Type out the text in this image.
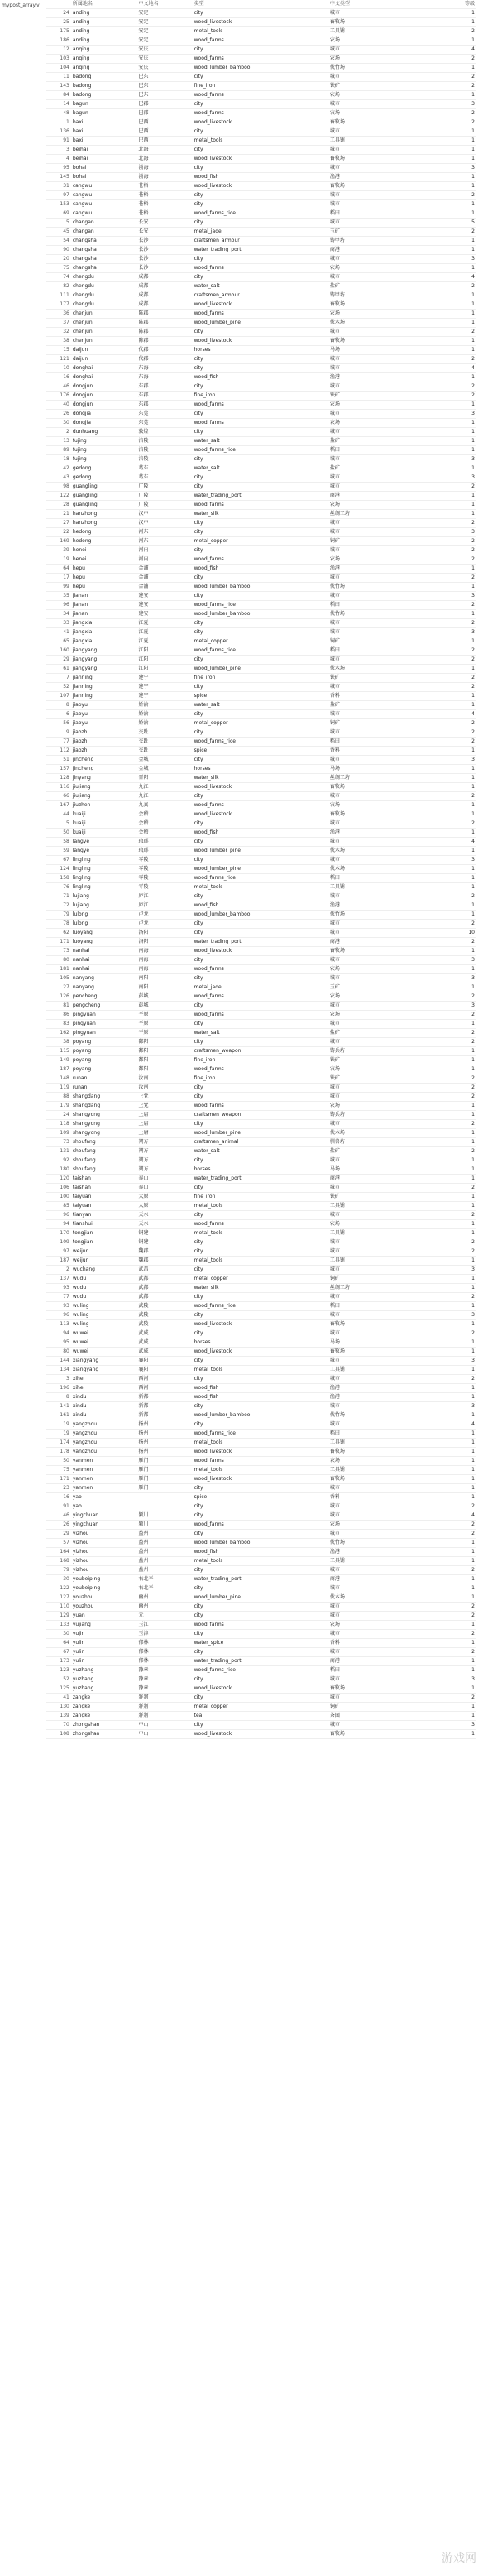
mypost_array.v
		所属地名	中文地名	类型	中文类型	等级
24	anding	安定	city	城市	1
25	anding	安定	wood_livestock	畜牧场	1
175	anding	安定	metal_tools	工具铺	2
186	anding	安定	wood_farms	农场	1
12	anqing	安庆	city	城市	4
103	anqing	安庆	wood_farms	农场	2
104	anqing	安庆	wood_lumber_bamboo	伐竹场	1
11	badong	巴东	city	城市	2
143	badong	巴东	fine_iron	铁矿	2
84	badong	巴东	wood_farms	农场	1
14	bagun	巴郡	city	城市	3
48	bagun	巴郡	wood_farms	农场	2
1	baxi	巴西	wood_livestock	畜牧场	2
136	baxi	巴西	city	城市	1
91	baxi	巴西	metal_tools	工具铺	1
3	beihai	北海	city	城市	1
4	beihai	北海	wood_livestock	畜牧场	1
95	bohai	渤海	city	城市	3
145	bohai	渤海	wood_fish	渔港	1
31	cangwu	苍梧	wood_livestock	畜牧场	1
97	cangwu	苍梧	city	城市	2
153	cangwu	苍梧	city	城市	1
69	cangwu	苍梧	wood_farms_rice	稻田	1
5	changan	长安	city	城市	5
45	changan	长安	metal_jade	玉矿	2
54	changsha	长沙	craftsmen_armour	铸甲坊	1
90	changsha	长沙	water_trading_port	商港	1
20	changsha	长沙	city	城市	3
75	changsha	长沙	wood_farms	农场	1
74	chengdu	成都	city	城市	4
82	chengdu	成都	water_salt	盐矿	2
111	chengdu	成都	craftsmen_armour	铸甲坊	1
177	chengdu	成都	wood_livestock	畜牧场	1
36	chenjun	陈郡	wood_farms	农场	1
37	chenjun	陈郡	wood_lumber_pine	伐木场	1
32	chenjun	陈郡	city	城市	2
38	chenjun	陈郡	wood_livestock	畜牧场	1
15	daijun	代郡	horses	马场	1
121	daijun	代郡	city	城市	2
10	donghai	东海	city	城市	4
16	donghai	东海	wood_fish	渔港	1
46	dongjun	东郡	city	城市	2
176	dongjun	东郡	fine_iron	铁矿	2
40	dongjun	东郡	wood_farms	农场	1
26	dongjia	东莞	city	城市	3
30	dongjia	东莞	wood_farms	农场	1
2	dunhuang	敦煌	city	城市	1
13	fujing	涪陵	water_salt	盐矿	1
89	fujing	涪陵	wood_farms_rice	稻田	1
18	fujing	涪陵	city	城市	3
42	gedong	葛东	water_salt	盐矿	1
43	gedong	葛东	city	城市	3
98	guangling	广陵	city	城市	2
122	guangling	广陵	water_trading_port	商港	1
28	guangling	广陵	wood_farms	农场	1
21	hanzhong	汉中	water_silk	丝绸工坊	1
27	hanzhong	汉中	city	城市	2
22	hedong	河东	city	城市	3
169	hedong	河东	metal_copper	铜矿	2
39	henei	河内	city	城市	2
19	henei	河内	wood_farms	农场	2
64	hepu	合浦	wood_fish	渔港	1
17	hepu	合浦	city	城市	2
99	hepu	合浦	wood_lumber_bamboo	伐竹场	1
35	jianan	建安	city	城市	3
96	jianan	建安	wood_farms_rice	稻田	2
34	jianan	建安	wood_lumber_bamboo	伐竹场	1
33	jiangxia	江夏	city	城市	2
41	jiangxia	江夏	city	城市	3
65	jiangxia	江夏	metal_copper	铜矿	1
160	jiangyang	江阳	wood_farms_rice	稻田	2
29	jiangyang	江阳	city	城市	2
61	jiangyang	江阳	wood_lumber_pine	伐木场	1
7	jianning	建宁	fine_iron	铁矿	2
52	jianning	建宁	city	城市	2
107	jianning	建宁	spice	香料	1
8	jiaoyu	娇渝	water_salt	盐矿	1
6	jiaoyu	娇渝	city	城市	4
56	jiaoyu	娇渝	metal_copper	铜矿	2
9	jiaozhi	交趾	city	城市	2
77	jiaozhi	交趾	wood_farms_rice	稻田	2
112	jiaozhi	交趾	spice	香料	1
51	jincheng	金城	city	城市	3
157	jincheng	金城	horses	马场	1
128	jinyang	晋阳	water_silk	丝绸工坊	1
116	jiujiang	九江	wood_livestock	畜牧场	1
66	jiujiang	九江	city	城市	2
167	jiuzhen	九真	wood_farms	农场	1
44	kuaiji	会稽	wood_livestock	畜牧场	1
5	kuaiji	会稽	city	城市	2
50	kuaiji	会稽	wood_fish	渔港	1
58	langye	琅琊	city	城市	4
59	langye	琅琊	wood_lumber_pine	伐木场	1
67	lingling	零陵	city	城市	3
124	lingling	零陵	wood_lumber_pine	伐木场	1
158	lingling	零陵	wood_farms_rice	稻田	1
76	lingling	零陵	metal_tools	工具铺	1
71	lujiang	庐江	city	城市	2
72	lujiang	庐江	wood_fish	渔港	1
79	lulong	卢龙	wood_lumber_bamboo	伐竹场	1
78	lulong	卢龙	city	城市	2
62	luoyang	洛阳	city	城市	10
171	luoyang	洛阳	water_trading_port	商港	2
73	nanhai	南海	wood_livestock	畜牧场	1
80	nanhai	南海	city	城市	3
181	nanhai	南海	wood_farms	农场	1
105	nanyang	南阳	city	城市	3
27	nanyang	南阳	metal_jade	玉矿	1
126	pencheng	彭城	wood_farms	农场	2
81	pengcheng	彭城	city	城市	3
86	pingyuan	平原	wood_farms	农场	2
83	pingyuan	平原	city	城市	1
162	pingyuan	平原	water_salt	盐矿	2
38	poyang	鄱阳	city	城市	2
115	poyang	鄱阳	craftsmen_weapon	铸兵坊	1
149	poyang	鄱阳	fine_iron	铁矿	1
187	poyang	鄱阳	wood_farms	农场	1
148	runan	汝南	fine_iron	铁矿	2
119	runan	汝南	city	城市	2
88	shangdang	上党	city	城市	2
179	shangdang	上党	wood_farms	农场	1
24	shangyong	上庸	craftsmen_weapon	铸兵坊	1
118	shangyong	上庸	city	城市	2
109	shangyong	上庸	wood_lumber_pine	伐木场	1
73	shoufang	朔方	craftsmen_animal	驯兽坊	1
131	shoufang	朔方	water_salt	盐矿	2
92	shoufang	朔方	city	城市	1
180	shoufang	朔方	horses	马场	1
120	taishan	泰山	water_trading_port	商港	1
106	taishan	泰山	city	城市	2
100	taiyuan	太原	fine_iron	铁矿	1
85	taiyuan	太原	metal_tools	工具铺	1
96	tianyan	天水	city	城市	2
94	tianshui	天水	wood_farms	农场	1
170	tongjian	铜建	metal_tools	工具铺	1
109	tongjian	铜建	city	城市	2
97	weijun	魏郡	city	城市	2
187	weijun	魏郡	metal_tools	工具铺	1
2	wuchang	武昌	city	城市	3
137	wudu	武都	metal_copper	铜矿	1
93	wudu	武都	water_silk	丝绸工坊	1
77	wudu	武都	city	城市	2
93	wuling	武陵	wood_farms_rice	稻田	1
96	wuling	武陵	city	城市	3
113	wuling	武陵	wood_livestock	畜牧场	1
94	wuwei	武威	city	城市	2
95	wuwei	武威	horses	马场	1
80	wuwei	武威	wood_livestock	畜牧场	1
144	xiangyang	襄阳	city	城市	3
134	xiangyang	襄阳	metal_tools	工具铺	1
3	xihe	西河	city	城市	2
196	xihe	西河	wood_fish	渔港	1
8	xindu	新都	wood_fish	渔港	1
141	xindu	新都	city	城市	3
161	xindu	新都	wood_lumber_bamboo	伐竹场	1
19	yangzhou	扬州	city	城市	4
19	yangzhou	扬州	wood_farms_rice	稻田	1
174	yangzhou	扬州	metal_tools	工具铺	1
178	yangzhou	扬州	wood_livestock	畜牧场	1
50	yanmen	雁门	wood_farms	农场	1
75	yanmen	雁门	metal_tools	工具铺	1
171	yanmen	雁门	wood_livestock	畜牧场	1
23	yanmen	雁门	city	城市	1
16	yao		spice	香料	1
91	yao		city	城市	2
46	yingchuan	颍川	city	城市	4
26	yingchuan	颍川	wood_farms	农场	2
29	yizhou	益州	city	城市	2
57	yizhou	益州	wood_lumber_bamboo	伐竹场	1
164	yizhou	益州	wood_fish	渔港	1
168	yizhou	益州	metal_tools	工具铺	1
79	yizhou	益州	city	城市	2
30	youbeiping	右北平	water_trading_port	商港	1
122	youbeiping	右北平	city	城市	1
127	youzhou	幽州	wood_lumber_pine	伐木场	1
110	youzhou	幽州	city	城市	2
129	yuan	元	city	城市	2
133	yujiang	玉江	wood_farms	农场	1
30	yujin	玉津	city	城市	2
64	yulin	郁林	water_spice	香料	1
67	yulin	郁林	city	城市	2
173	yulin	郁林	water_trading_port	商港	1
123	yuzhang	豫章	wood_farms_rice	稻田	1
52	yuzhang	豫章	city	城市	3
125	yuzhang	豫章	wood_livestock	畜牧场	1
41	zangke	牂牁	city	城市	2
130	zangke	牂牁	metal_copper	铜矿	1
139	zangke	牂牁	tea	茶园	1
70	zhongshan	中山	city	城市	3
108	zhongshan	中山	wood_livestock	畜牧场	1
游戏网
